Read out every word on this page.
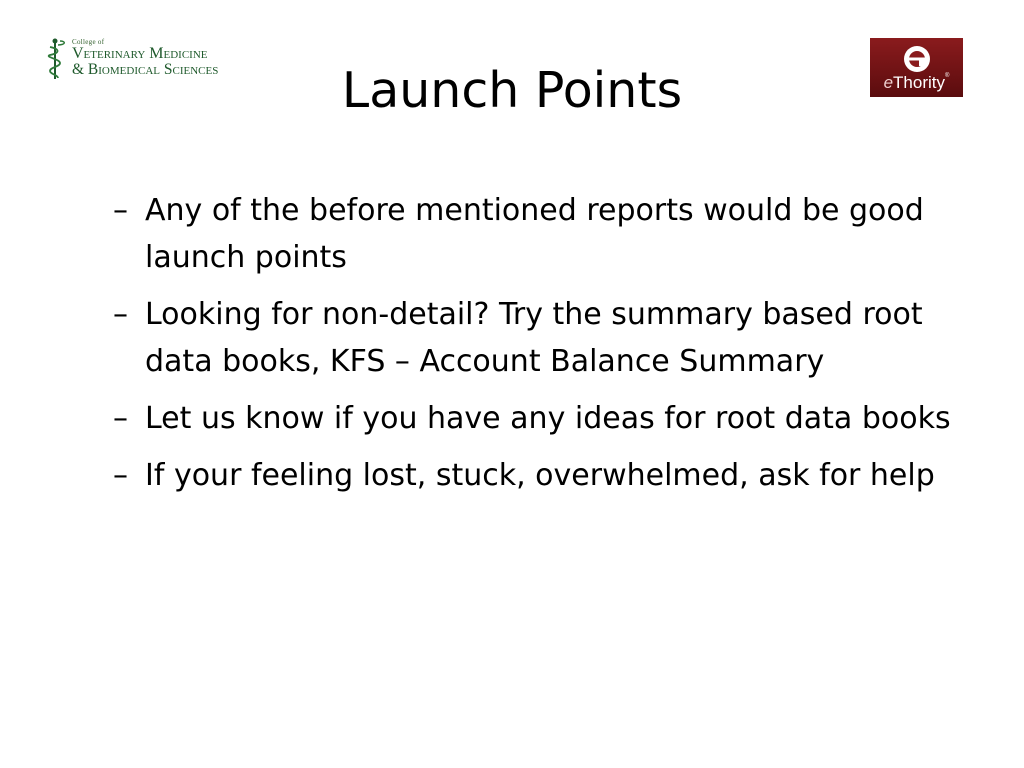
College of
Veterinary Medicine
& Biomedical Sciences
eThority®
Launch Points
– Any of the before mentioned reports would be good launch points
– Looking for non-detail? Try the summary based root data books, KFS – Account Balance Summary
– Let us know if you have any ideas for root data books
– If your feeling lost, stuck, overwhelmed, ask for help
